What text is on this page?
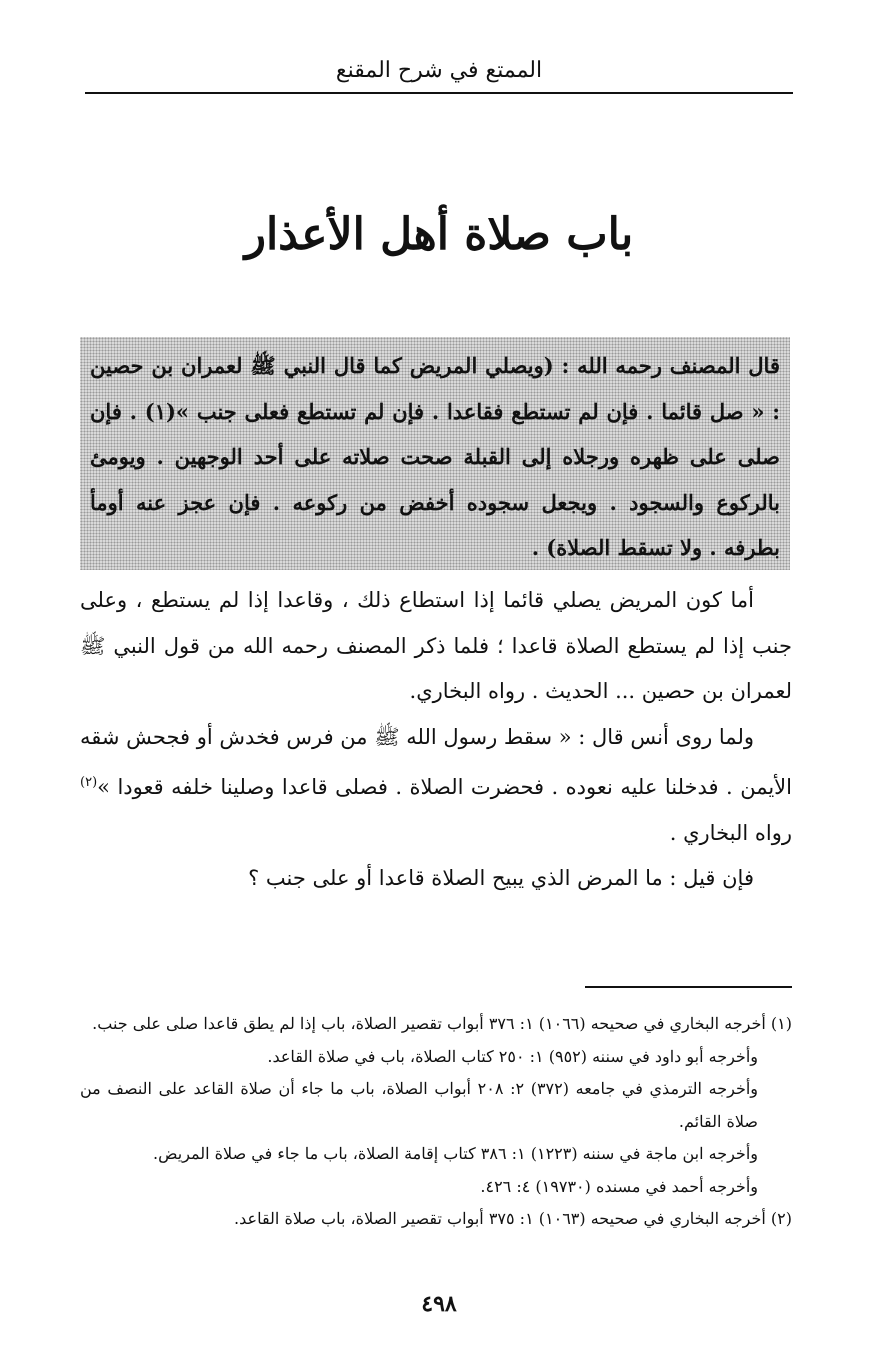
الممتع في شرح المقنع
باب صلاة أهل الأعذار
قال المصنف رحمه الله : (ويصلي المريض كما قال النبي ﷺ لعمران بن حصين : « صل قائما . فإن لم تستطع فقاعدا . فإن لم تستطع فعلى جنب »(١) . فإن صلى على ظهره ورجلاه إلى القبلة صحت صلاته على أحد الوجهين . ويومئ بالركوع والسجود . ويجعل سجوده أخفض من ركوعه . فإن عجز عنه أومأ بطرفه . ولا تسقط الصلاة) .

أما كون المريض يصلي قائما إذا استطاع ذلك ، وقاعدا إذا لم يستطع ، وعلى جنب إذا لم يستطع الصلاة قاعدا ؛ فلما ذكر المصنف رحمه الله من قول النبي ﷺ لعمران بن حصين ... الحديث . رواه البخاري.

ولما روى أنس قال : « سقط رسول الله ﷺ من فرس فخدش أو فجحش شقه الأيمن . فدخلنا عليه نعوده . فحضرت الصلاة . فصلى قاعدا وصلينا خلفه قعودا »$^{(٢)}$ رواه البخاري .

فإن قيل : ما المرض الذي يبيح الصلاة قاعدا أو على جنب ؟

(١) أخرجه البخاري في صحيحه (١٠٦٦) ١: ٣٧٦ أبواب تقصير الصلاة، باب إذا لم يطق قاعدا صلى على جنب.

وأخرجه أبو داود في سننه (٩٥٢) ١: ٢٥٠ كتاب الصلاة، باب في صلاة القاعد.

وأخرجه الترمذي في جامعه (٣٧٢) ٢: ٢٠٨ أبواب الصلاة، باب ما جاء أن صلاة القاعد على النصف من صلاة القائم.

وأخرجه ابن ماجة في سننه (١٢٢٣) ١: ٣٨٦ كتاب إقامة الصلاة، باب ما جاء في صلاة المريض.

وأخرجه أحمد في مسنده (١٩٧٣٠) ٤: ٤٢٦.

(٢) أخرجه البخاري في صحيحه (١٠٦٣) ١: ٣٧٥ أبواب تقصير الصلاة، باب صلاة القاعد.

٤٩٨
